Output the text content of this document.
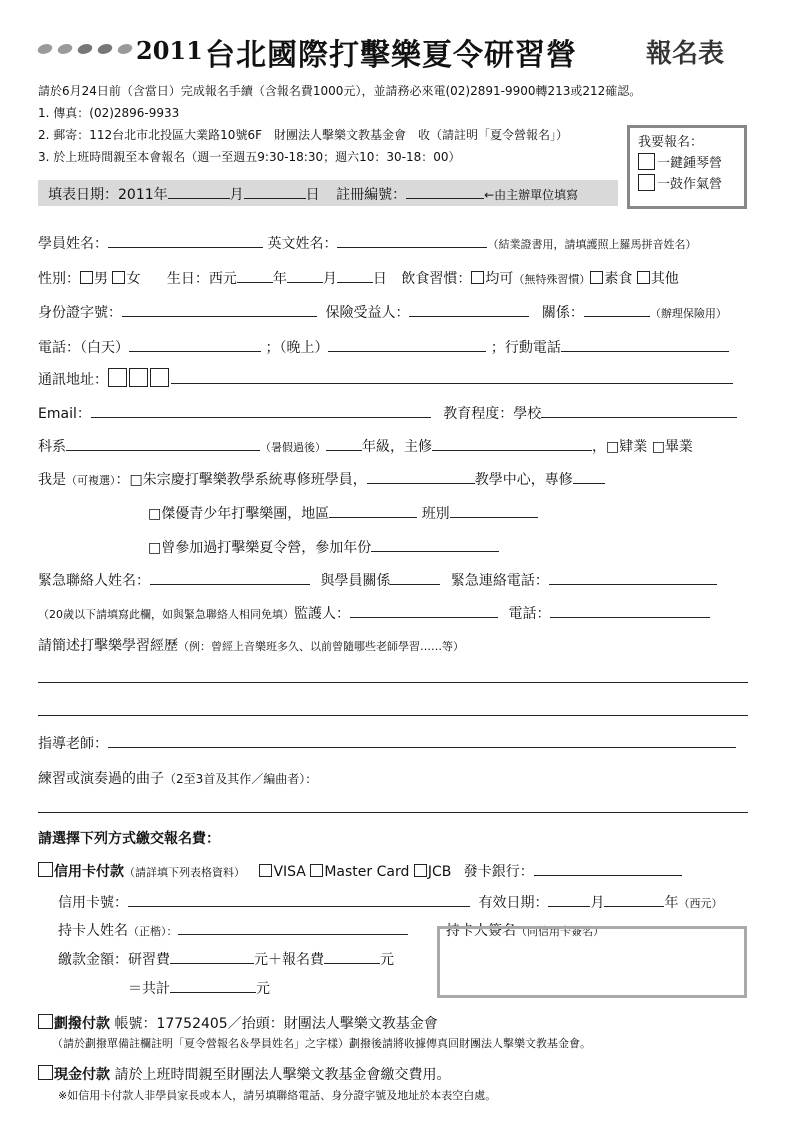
2011 台北國際打擊樂夏令研習營	報名表
請於6月24日前（含當日）完成報名手續（含報名費1000元），並請務必來電(02)2891-9900轉213或212確認。
1. 傳真：(02)2896-9933
2. 郵寄：112台北市北投區大業路10號6F　財團法人擊樂文教基金會　收（請註明「夏令營報名」）
3. 於上班時間親至本會報名（週一至週五9:30-18:30；週六10：30-18：00）
我要報名：
一鍵鍾琴營
一鼓作氣營
填表日期：2011年	月	日 註冊編號：	←由主辦單位填寫
學員姓名：	英文姓名：	（結業證書用，請填護照上羅馬拼音姓名）
性別： 男 女 生日：西元	年	月	日 飲食習慣： 均可（無特殊習慣） 素食 其他
身份證字號：	保險受益人：	關係：	（辦理保險用）
電話：（白天）	；（晚上）	；行動電話
通訊地址：
Email：	教育程度：學校
科系	（暑假過後）	年級，主修	，□肄業 □畢業
我是（可複選）：□朱宗慶打擊樂教學系統專修班學員，	教學中心，專修
□傑優青少年打擊樂團，地區	班別
□曾參加過打擊樂夏令營，參加年份
緊急聯絡人姓名：	與學員關係	緊急連絡電話：
（20歲以下請填寫此欄，如與緊急聯絡人相同免填）監護人：	電話：
請簡述打擊樂學習經歷（例：曾經上音樂班多久、以前曾隨哪些老師學習……等）
指導老師：
練習或演奏過的曲子（2至3首及其作／編曲者）：
請選擇下列方式繳交報名費：
信用卡付款（請詳填下列表格資料） VISA Master Card JCB 發卡銀行：
信用卡號：	有效日期：	月	年（西元）
持卡人姓名（正楷）：	持卡人簽名（同信用卡簽名）
繳款金額：研習費	元＋報名費	元
＝共計	元
劃撥付款 帳號：17752405／抬頭：財團法人擊樂文教基金會
（請於劃撥單備註欄註明「夏令營報名＆學員姓名」之字樣）劃撥後請將收據傳真回財團法人擊樂文教基金會。
現金付款 請於上班時間親至財團法人擊樂文教基金會繳交費用。
※如信用卡付款人非學員家長或本人，請另填聯絡電話、身分證字號及地址於本表空白處。
